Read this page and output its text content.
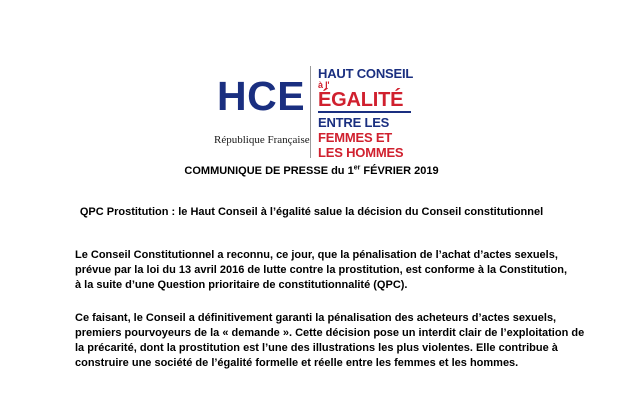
HCE
République Française
HAUT CONSEIL
à l'
ÉGALITÉ
ENTRE LES
FEMMES ET
LES HOMMES
COMMUNIQUE DE PRESSE du 1er FÉVRIER 2019
QPC Prostitution : le Haut Conseil à l’égalité salue la décision du Conseil constitutionnel
Le Conseil Constitutionnel a reconnu, ce jour, que la pénalisation de l’achat d’actes sexuels,
prévue par la loi du 13 avril 2016 de lutte contre la prostitution, est conforme à la Constitution,
à la suite d’une Question prioritaire de constitutionnalité (QPC).
Ce faisant, le Conseil a définitivement garanti la pénalisation des acheteurs d’actes sexuels,
premiers pourvoyeurs de la « demande ». Cette décision pose un interdit clair de l’exploitation de
la précarité, dont la prostitution est l’une des illustrations les plus violentes. Elle contribue à
construire une société de l’égalité formelle et réelle entre les femmes et les hommes.
